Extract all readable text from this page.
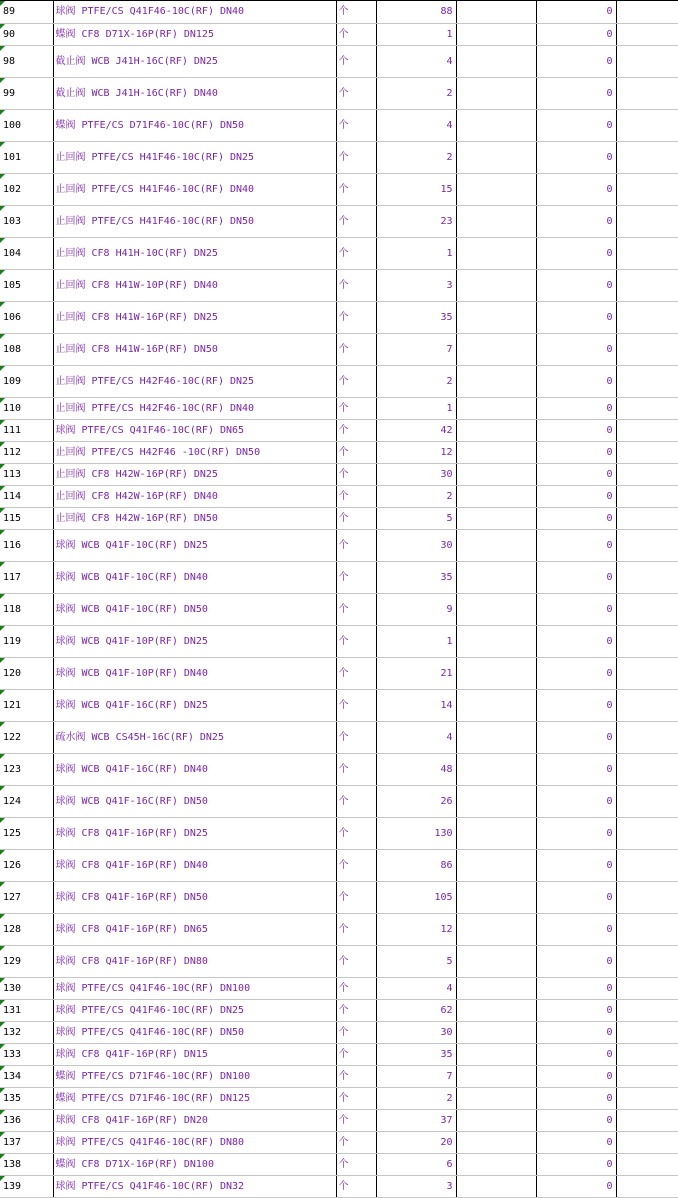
89	球阀 PTFE/CS Q41F46-10C(RF) DN40	个	88		0	
90	蝶阀 CF8 D71X-16P(RF) DN125	个	1		0	
98	截止阀 WCB J41H-16C(RF) DN25	个	4		0	
99	截止阀 WCB J41H-16C(RF) DN40	个	2		0	
100	蝶阀 PTFE/CS D71F46-10C(RF) DN50	个	4		0	
101	止回阀 PTFE/CS H41F46-10C(RF) DN25	个	2		0	
102	止回阀 PTFE/CS H41F46-10C(RF) DN40	个	15		0	
103	止回阀 PTFE/CS H41F46-10C(RF) DN50	个	23		0	
104	止回阀 CF8 H41H-10C(RF) DN25	个	1		0	
105	止回阀 CF8 H41W-10P(RF) DN40	个	3		0	
106	止回阀 CF8 H41W-16P(RF) DN25	个	35		0	
108	止回阀 CF8 H41W-16P(RF) DN50	个	7		0	
109	止回阀 PTFE/CS H42F46-10C(RF) DN25	个	2		0	
110	止回阀 PTFE/CS H42F46-10C(RF) DN40	个	1		0	
111	球阀 PTFE/CS Q41F46-10C(RF) DN65	个	42		0	
112	止回阀 PTFE/CS H42F46 -10C(RF) DN50	个	12		0	
113	止回阀 CF8 H42W-16P(RF) DN25	个	30		0	
114	止回阀 CF8 H42W-16P(RF) DN40	个	2		0	
115	止回阀 CF8 H42W-16P(RF) DN50	个	5		0	
116	球阀 WCB Q41F-10C(RF) DN25	个	30		0	
117	球阀 WCB Q41F-10C(RF) DN40	个	35		0	
118	球阀 WCB Q41F-10C(RF) DN50	个	9		0	
119	球阀 WCB Q41F-10P(RF) DN25	个	1		0	
120	球阀 WCB Q41F-10P(RF) DN40	个	21		0	
121	球阀 WCB Q41F-16C(RF) DN25	个	14		0	
122	疏水阀 WCB CS45H-16C(RF) DN25	个	4		0	
123	球阀 WCB Q41F-16C(RF) DN40	个	48		0	
124	球阀 WCB Q41F-16C(RF) DN50	个	26		0	
125	球阀 CF8 Q41F-16P(RF) DN25	个	130		0	
126	球阀 CF8 Q41F-16P(RF) DN40	个	86		0	
127	球阀 CF8 Q41F-16P(RF) DN50	个	105		0	
128	球阀 CF8 Q41F-16P(RF) DN65	个	12		0	
129	球阀 CF8 Q41F-16P(RF) DN80	个	5		0	
130	球阀 PTFE/CS Q41F46-10C(RF) DN100	个	4		0	
131	球阀 PTFE/CS Q41F46-10C(RF) DN25	个	62		0	
132	球阀 PTFE/CS Q41F46-10C(RF) DN50	个	30		0	
133	球阀 CF8 Q41F-16P(RF) DN15	个	35		0	
134	蝶阀 PTFE/CS D71F46-10C(RF) DN100	个	7		0	
135	蝶阀 PTFE/CS D71F46-10C(RF) DN125	个	2		0	
136	球阀 CF8 Q41F-16P(RF) DN20	个	37		0	
137	球阀 PTFE/CS Q41F46-10C(RF) DN80	个	20		0	
138	蝶阀 CF8 D71X-16P(RF) DN100	个	6		0	
139	球阀 PTFE/CS Q41F46-10C(RF) DN32	个	3		0	
